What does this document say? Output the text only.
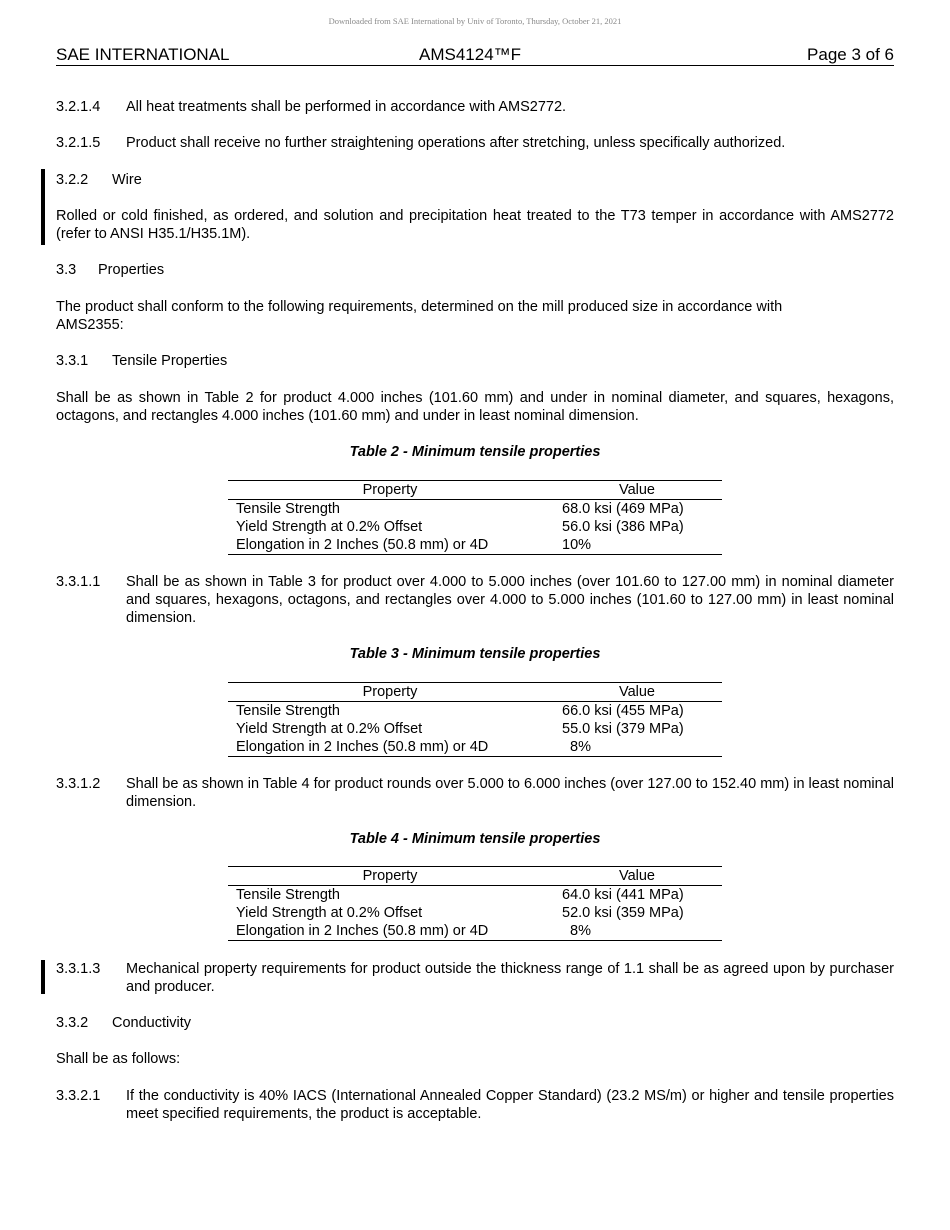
Downloaded from SAE International by Univ of Toronto, Thursday, October 21, 2021
SAE INTERNATIONAL	AMS4124™F	Page 3 of 6
3.2.1.4 All heat treatments shall be performed in accordance with AMS2772.

3.2.1.5 Product shall receive no further straightening operations after stretching, unless specifically authorized.

3.2.2 Wire

Rolled or cold finished, as ordered, and solution and precipitation heat treated to the T73 temper in accordance with AMS2772 (refer to ANSI H35.1/H35.1M).

3.3 Properties

The product shall conform to the following requirements, determined on the mill produced size in accordance with AMS2355:

3.3.1 Tensile Properties

Shall be as shown in Table 2 for product 4.000 inches (101.60 mm) and under in nominal diameter, and squares, hexagons, octagons, and rectangles 4.000 inches (101.60 mm) and under in least nominal dimension.

Table 2 - Minimum tensile properties
Property	Value
Tensile Strength	68.0 ksi (469 MPa)
Yield Strength at 0.2% Offset	56.0 ksi (386 MPa)
Elongation in 2 Inches (50.8 mm) or 4D	10%
3.3.1.1 Shall be as shown in Table 3 for product over 4.000 to 5.000 inches (over 101.60 to 127.00 mm) in nominal diameter and squares, hexagons, octagons, and rectangles over 4.000 to 5.000 inches (101.60 to 127.00 mm) in least nominal dimension.

Table 3 - Minimum tensile properties
Property	Value
Tensile Strength	66.0 ksi (455 MPa)
Yield Strength at 0.2% Offset	55.0 ksi (379 MPa)
Elongation in 2 Inches (50.8 mm) or 4D	8%
3.3.1.2 Shall be as shown in Table 4 for product rounds over 5.000 to 6.000 inches (over 127.00 to 152.40 mm) in least nominal dimension.

Table 4 - Minimum tensile properties
Property	Value
Tensile Strength	64.0 ksi (441 MPa)
Yield Strength at 0.2% Offset	52.0 ksi (359 MPa)
Elongation in 2 Inches (50.8 mm) or 4D	8%
3.3.1.3 Mechanical property requirements for product outside the thickness range of 1.1 shall be as agreed upon by purchaser and producer.

3.3.2 Conductivity

Shall be as follows:

3.3.2.1 If the conductivity is 40% IACS (International Annealed Copper Standard) (23.2 MS/m) or higher and tensile properties meet specified requirements, the product is acceptable.
